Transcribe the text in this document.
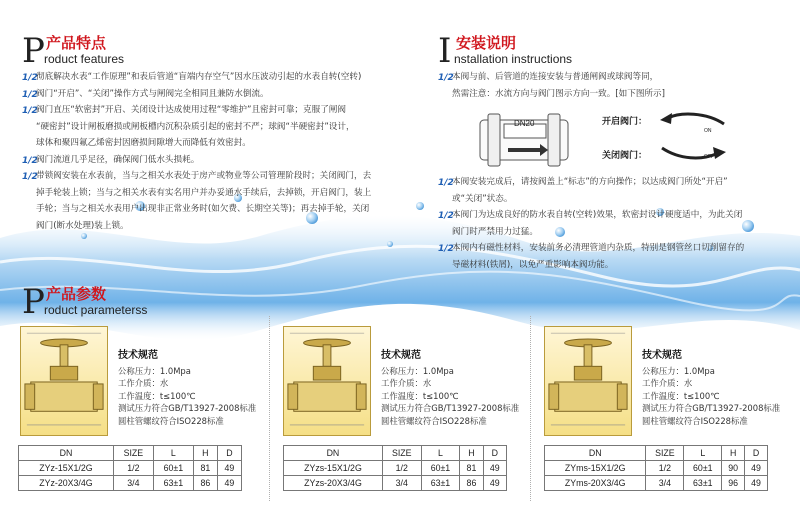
P 产品特点
roduct features
1/2彻底解决水表“工作原理”和表后管道“盲端内存空气”因水压波动引起的水表自转(空转)
1/2阀门“开启”、“关闭”操作方式与闸阀完全相同且兼防水倒流。
1/2阀门直压“软密封”开启、关闭设计达成使用过程“零维护”且密封可靠；克服了闸阀
“硬密封”设计闸板磨损或闸板槽内沉积杂质引起的密封不严；球阀“半硬密封”设计，
球体和聚四氟乙烯密封因磨损间隙增大而降低有效密封。
1/2阀门流道几乎足径，确保阀门低水头损耗。
1/2带锁阀安装在水表前，当与之相关水表处于房产或物业等公司管理阶段时；关闭阀门，去
掉手轮装上锁；当与之相关水表有实名用户并办妥通水手续后，去掉锁，开启阀门，装上
手轮；当与之相关水表用户出现非正常业务时(如欠费、长期空关等)；再去掉手轮，关闭
阀门(断水处理)装上锁。
I 安装说明
nstallation instructions
1/2本阀与前、后管道的连接安装与普通闸阀或球阀等同，
然需注意：水流方向与阀门图示方向一致。[如下图所示]
DN20	开启阀门：
ON
关闭阀门：	OFF
1/2本阀安装完成后，请按阀盖上“标志”的方向操作；以达成阀门所处“开启”
或“关闭”状态。
1/2本阀门为达成良好的防水表自转(空转)效果，软密封设计硬度适中，为此关闭
阀门时严禁用力过猛。
1/2本阀内有磁性材料，安装前务必清理管道内杂质，特别是钢管丝口切削留存的
导磁材料(铁屑)，以免严重影响本阀功能。
P 产品参数
roduct parameterss
技术规范
公称压力：1.0Mpa
工作介质：水
工作温度：t≤100℃
测试压力符合GB/T13927-2008标准
圆柱管螺纹符合ISO228标准
DN	SIZE	L	H	D
ZYz-15X1/2G	1/2	60±1	81	49
ZYz-20X3/4G	3/4	63±1	86	49
技术规范
公称压力：1.0Mpa
工作介质：水
工作温度：t≤100℃
测试压力符合GB/T13927-2008标准
圆柱管螺纹符合ISO228标准
DN	SIZE	L	H	D
ZYzs-15X1/2G	1/2	60±1	81	49
ZYzs-20X3/4G	3/4	63±1	86	49
技术规范
公称压力：1.0Mpa
工作介质：水
工作温度：t≤100℃
测试压力符合GB/T13927-2008标准
圆柱管螺纹符合ISO228标准
DN	SIZE	L	H	D
ZYms-15X1/2G	1/2	60±1	90	49
ZYms-20X3/4G	3/4	63±1	96	49
